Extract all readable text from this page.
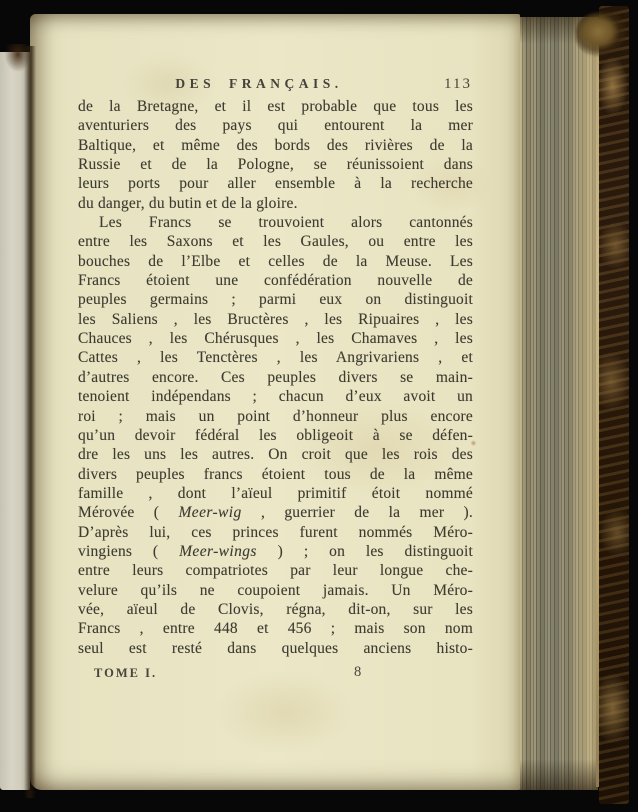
DES FRANÇAIS.	113
de la Bretagne, et il est probable que tous les
aventuriers des pays qui entourent la mer
Baltique, et même des bords des rivières de la
Russie et de la Pologne, se réunissoient dans
leurs ports pour aller ensemble à la recherche
du danger, du butin et de la gloire.
Les Francs se trouvoient alors cantonnés
entre les Saxons et les Gaules, ou entre les
bouches de l’Elbe et celles de la Meuse. Les
Francs étoient une confédération nouvelle de
peuples germains ; parmi eux on distinguoit
les Saliens , les Bructères , les Ripuaires , les
Chauces , les Chérusques , les Chamaves , les
Cattes , les Tenctères , les Angrivariens , et
d’autres encore. Ces peuples divers se main-
tenoient indépendans ; chacun d’eux avoit un
roi ; mais un point d’honneur plus encore
qu’un devoir fédéral les obligeoit à se défen-
dre les uns les autres. On croit que les rois des
divers peuples francs étoient tous de la même
famille , dont l’aïeul primitif étoit nommé
Mérovée ( Meer-wig , guerrier de la mer ).
D’après lui, ces princes furent nommés Méro-
vingiens ( Meer-wings ) ; on les distinguoit
entre leurs compatriotes par leur longue che-
velure qu’ils ne coupoient jamais. Un Méro-
vée, aïeul de Clovis, régna, dit-on, sur les
Francs , entre 448 et 456 ; mais son nom
seul est resté dans quelques anciens histo-
TOME I.	8
